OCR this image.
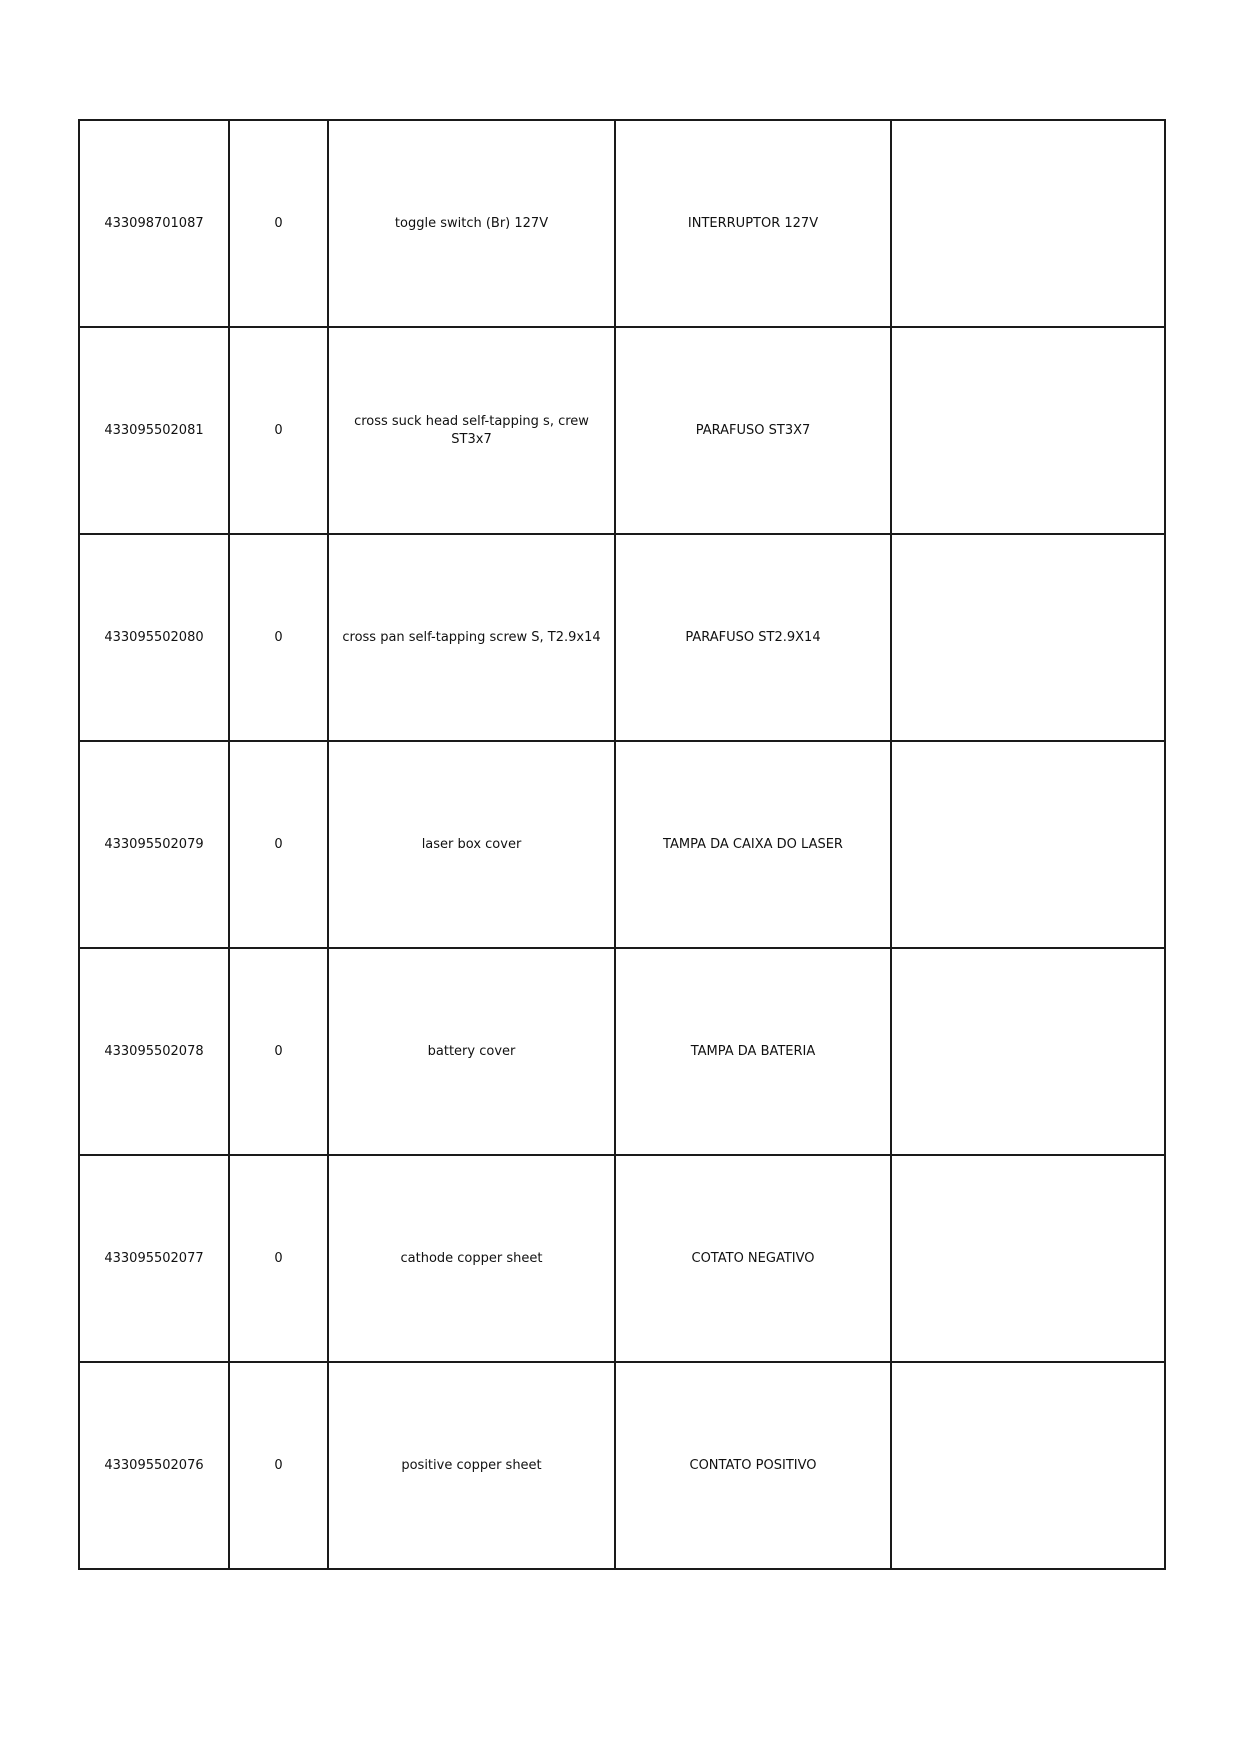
433098701087	0	toggle switch (Br) 127V	INTERRUPTOR 127V	
433095502081	0	cross suck head self-tapping s, crew ST3x7	PARAFUSO ST3X7	
433095502080	0	cross pan self-tapping screw S, T2.9x14	PARAFUSO ST2.9X14	
433095502079	0	laser box cover	TAMPA DA CAIXA DO LASER	
433095502078	0	battery cover	TAMPA DA BATERIA	
433095502077	0	cathode copper sheet	COTATO NEGATIVO	
433095502076	0	positive copper sheet	CONTATO POSITIVO	
